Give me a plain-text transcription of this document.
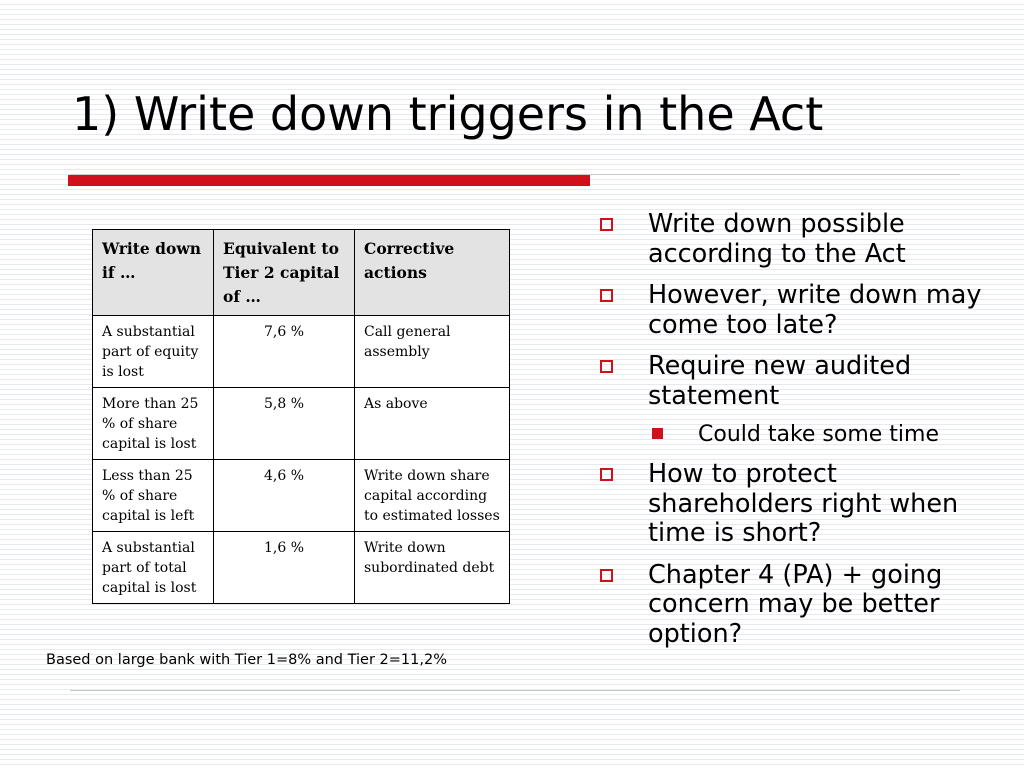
1) Write down triggers in the Act
Write down if …	Equivalent to Tier 2 capital of …	Corrective actions
A substantial part of equity is lost	7,6 %	Call general assembly
More than 25 % of share capital is lost	5,8 %	As above
Less than 25 % of share capital is left	4,6 %	Write down share capital according to estimated losses
A substantial part of total capital is lost	1,6 %	Write down subordinated debt
Based on large bank with Tier 1=8% and Tier 2=11,2%
Write down possible according to the Act
However, write down may come too late?
Require new audited statement
Could take some time
How to protect shareholders right when time is short?
Chapter 4 (PA) + going concern may be better option?
